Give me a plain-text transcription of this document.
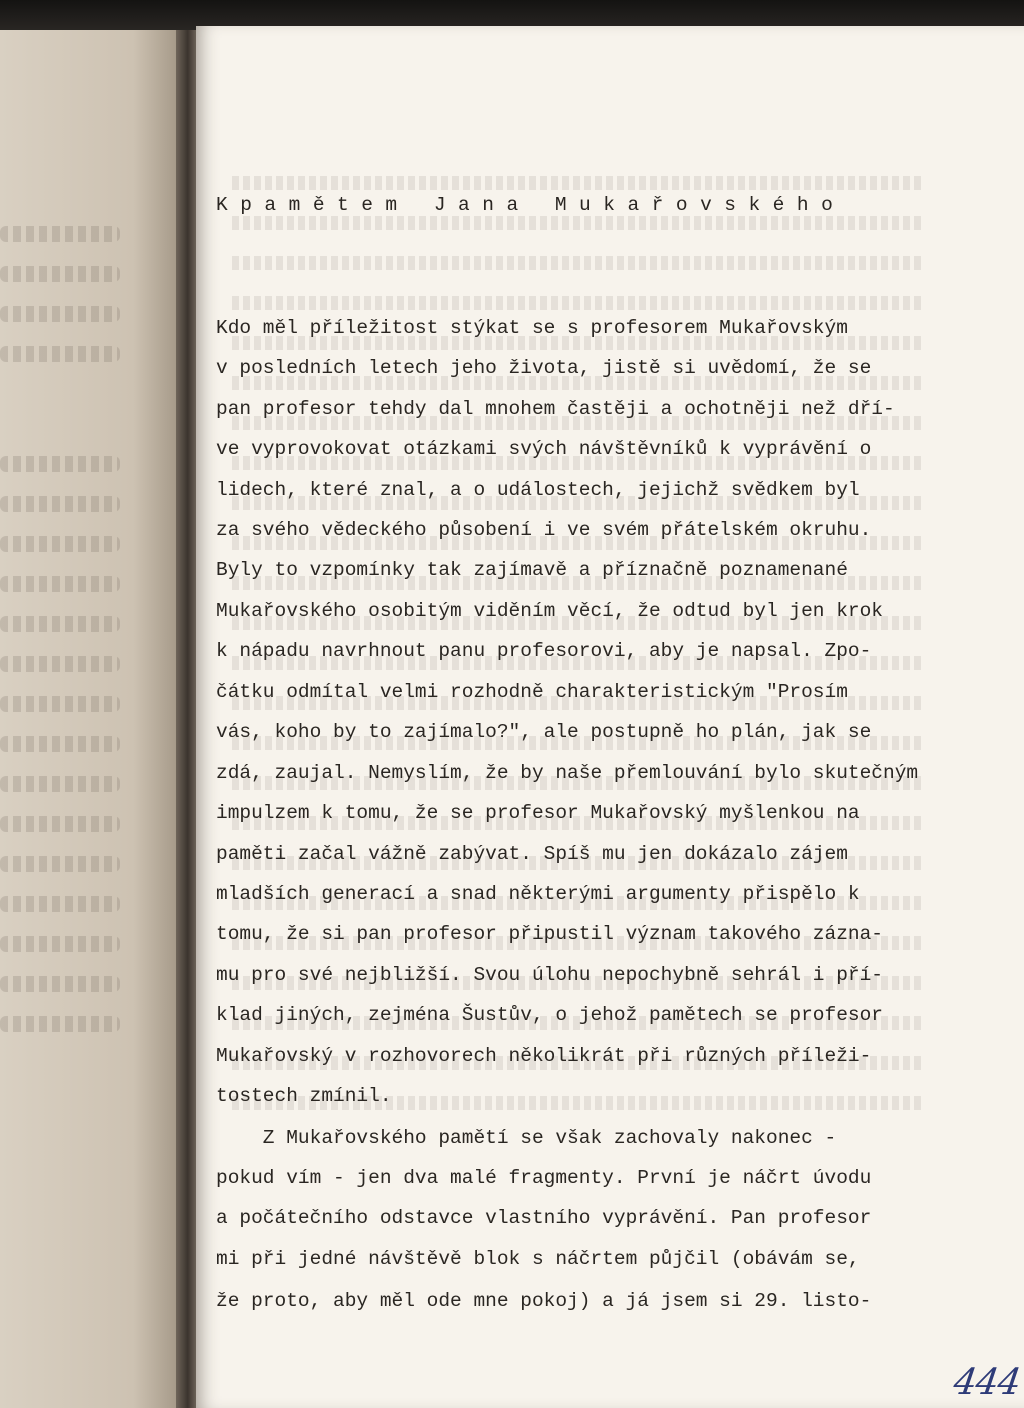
K p a m ě t e m   J a n a   M u k a ř o v s k é h o
Kdo měl příležitost stýkat se s profesorem Mukařovským
v posledních letech jeho života, jistě si uvědomí, že se
pan profesor tehdy dal mnohem častěji a ochotněji než dří-
ve vyprovokovat otázkami svých návštěvníků k vyprávění o
lidech, které znal, a o událostech, jejichž svědkem byl
za svého vědeckého působení i ve svém přátelském okruhu.
Byly to vzpomínky tak zajímavě a příznačně poznamenané
Mukařovského osobitým viděním věcí, že odtud byl jen krok
k nápadu navrhnout panu profesorovi, aby je napsal. Zpo-
čátku odmítal velmi rozhodně charakteristickým "Prosím
vás, koho by to zajímalo?", ale postupně ho plán, jak se
zdá, zaujal. Nemyslím, že by naše přemlouvání bylo skutečným
impulzem k tomu, že se profesor Mukařovský myšlenkou na
paměti začal vážně zabývat. Spíš mu jen dokázalo zájem
mladších generací a snad některými argumenty přispělo k
tomu, že si pan profesor připustil význam takového zázna-
mu pro své nejbližší. Svou úlohu nepochybně sehrál i pří-
klad jiných, zejména Šustův, o jehož pamětech se profesor
Mukařovský v rozhovorech několikrát při různých příleži-
tostech zmínil.
Z Mukařovského pamětí se však zachovaly nakonec -
pokud vím - jen dva malé fragmenty. První je náčrt úvodu
a počátečního odstavce vlastního vyprávění. Pan profesor
mi při jedné návštěvě blok s náčrtem půjčil (obávám se,
že proto, aby měl ode mne pokoj) a já jsem si 29. listo-
444
